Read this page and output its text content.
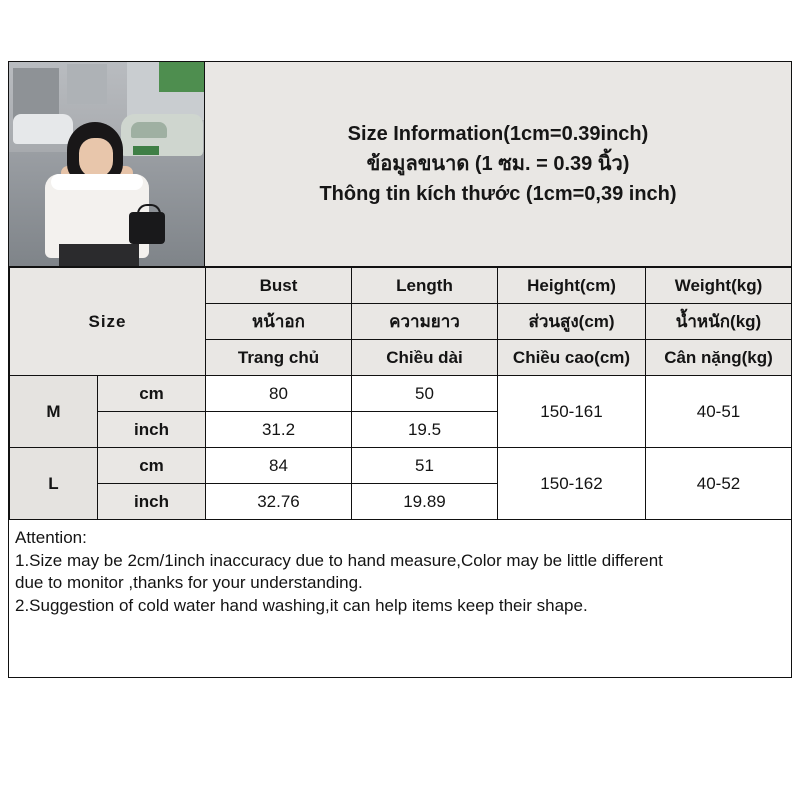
Size Information(1cm=0.39inch)
ข้อมูลขนาด (1 ซม. = 0.39 นิ้ว)
Thông tin kích thước (1cm=0,39 inch)
Size		Bust	Length	Height(cm)	Weight(kg)
		หน้าอก	ความยาว	ส่วนสูง(cm)	น้ำหนัก(kg)
		Trang chủ	Chiều dài	Chiều cao(cm)	Cân nặng(kg)
M	cm	80	50	150-161	40-51
	inch	31.2	19.5		
L	cm	84	51	150-162	40-52
	inch	32.76	19.89		

Attention:

1.Size may be 2cm/1inch inaccuracy due to hand measure,Color may be little different

due to monitor ,thanks for your understanding.

2.Suggestion of cold water hand washing,it can help items keep their shape.
